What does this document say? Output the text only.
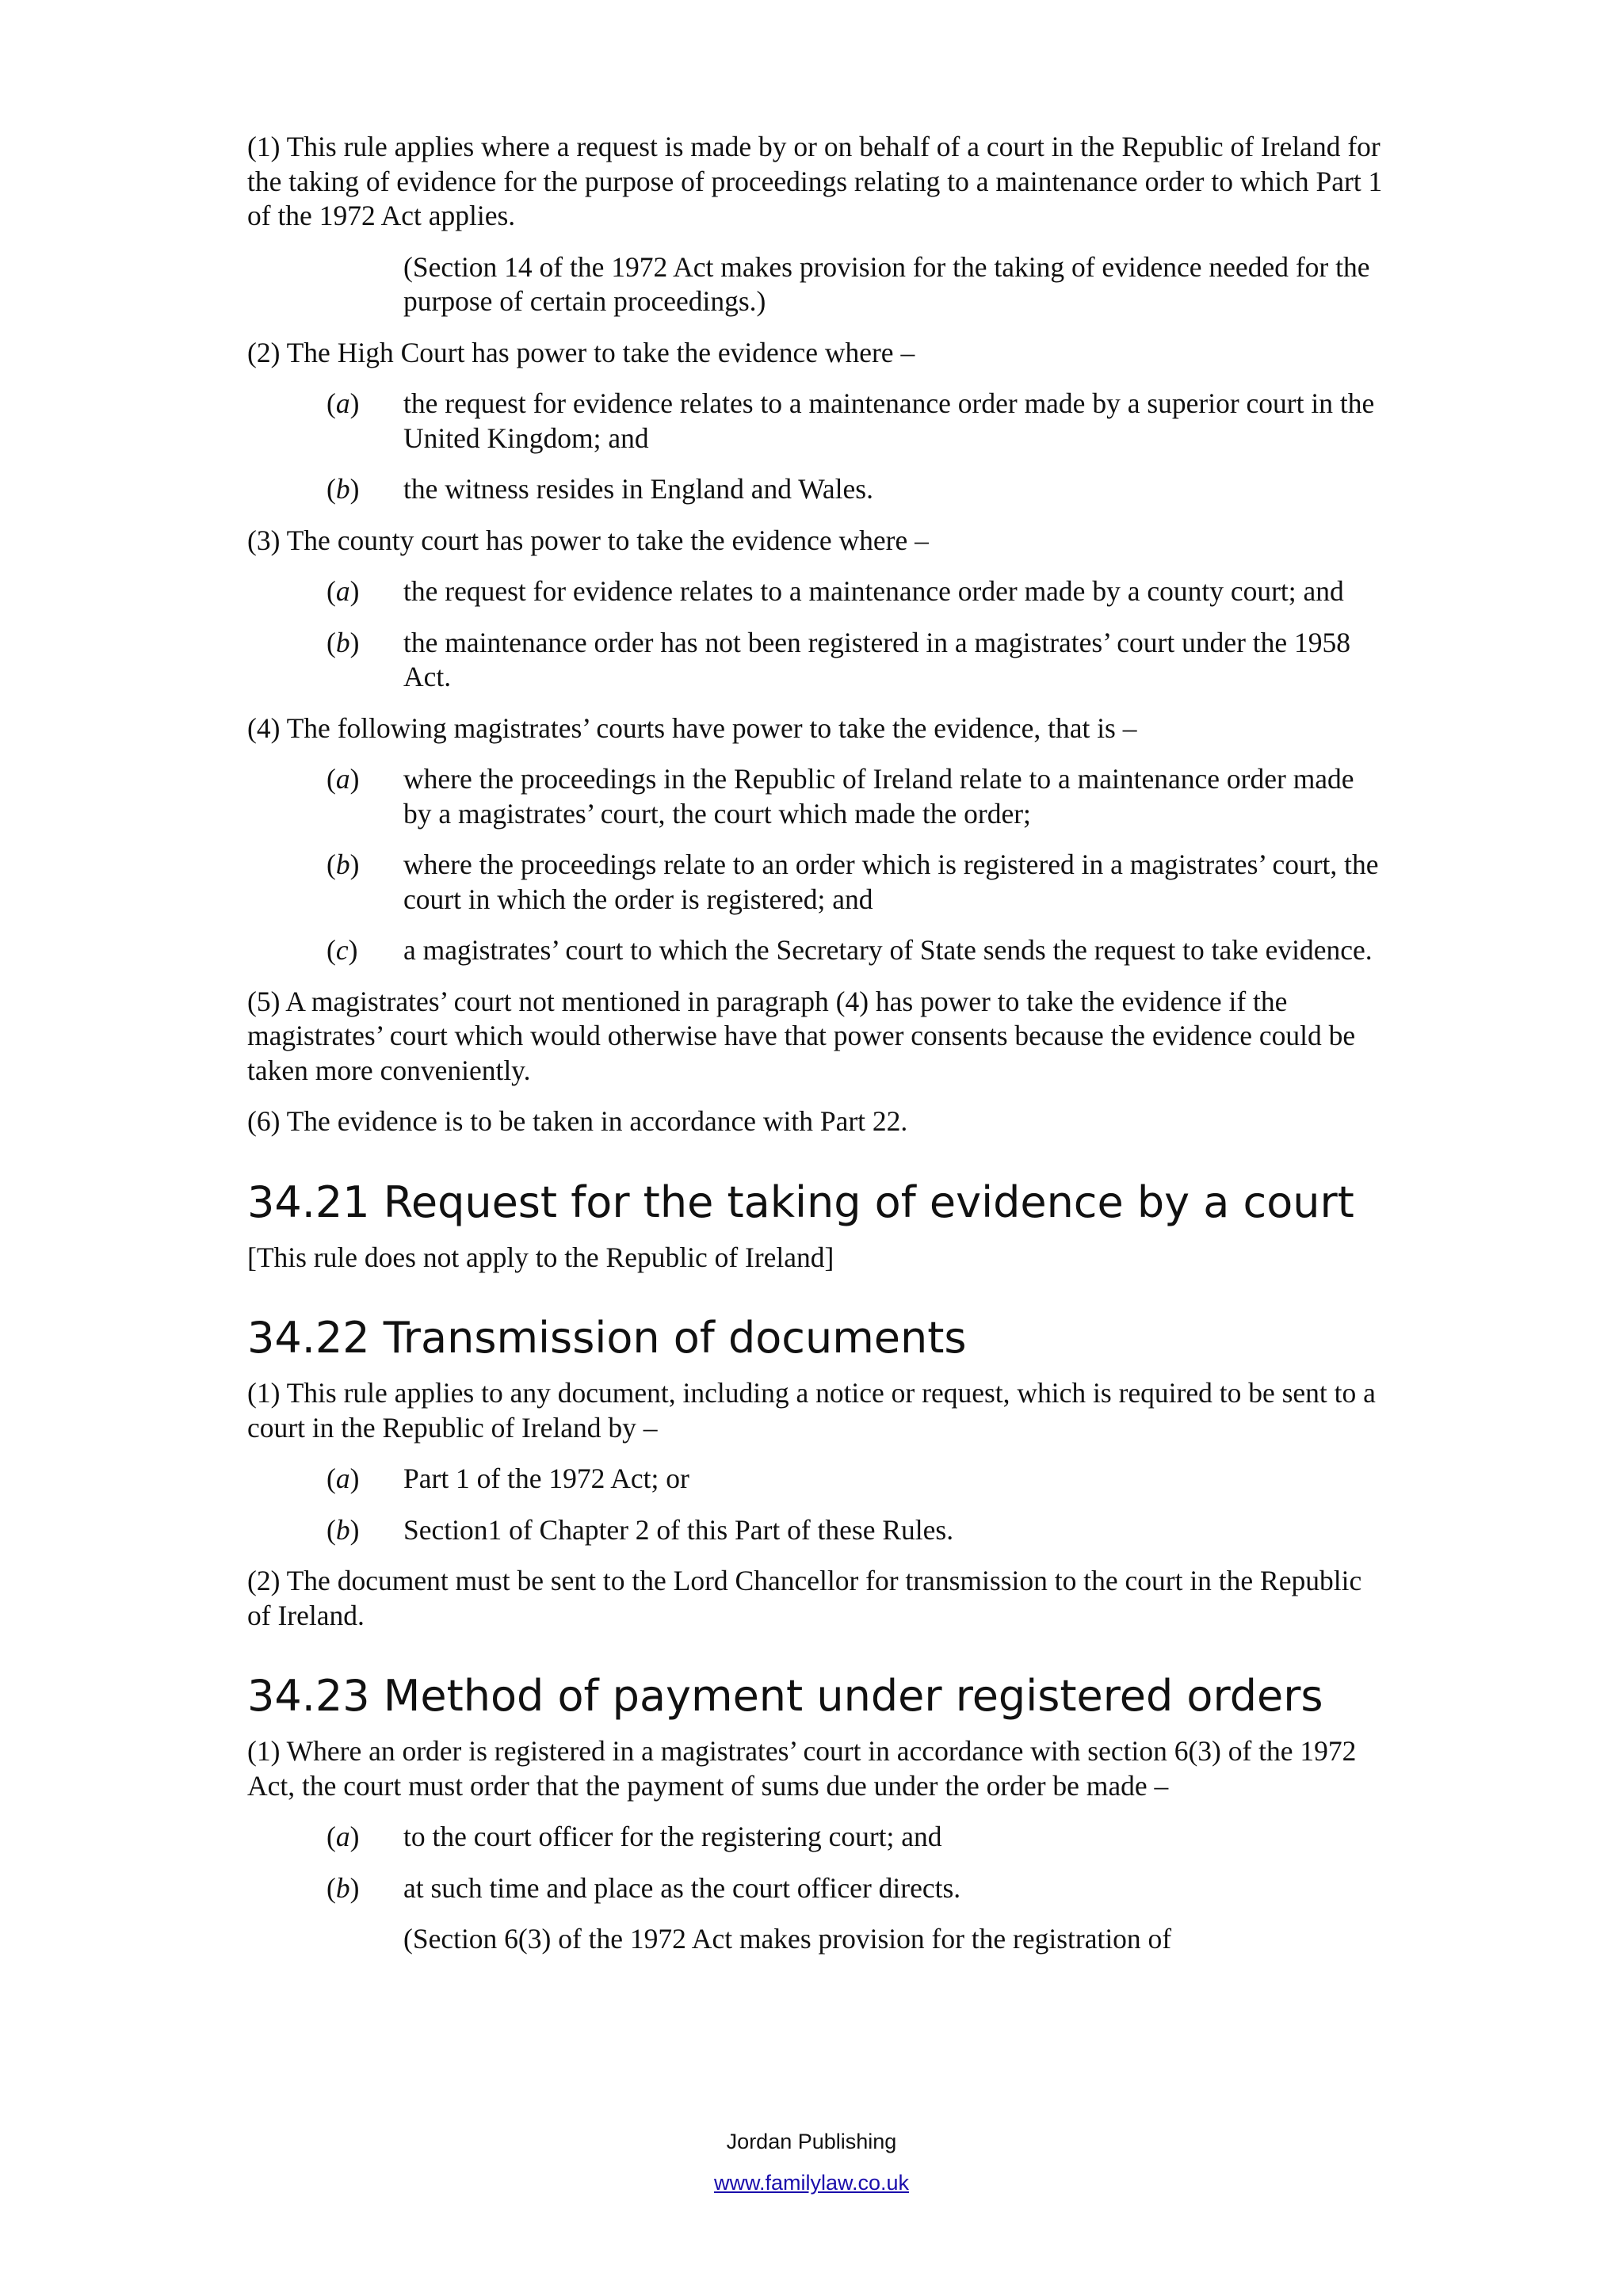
(1) This rule applies where a request is made by or on behalf of a court in the Republic of Ireland for the taking of evidence for the purpose of proceedings relating to a maintenance order to which Part 1 of the 1972 Act applies.

(Section 14 of the 1972 Act makes provision for the taking of evidence needed for the purpose of certain proceedings.)

(2) The High Court has power to take the evidence where –

(a)	the request for evidence relates to a maintenance order made by a superior court in the United Kingdom; and
(b)	the witness resides in England and Wales.

(3) The county court has power to take the evidence where –

(a)	the request for evidence relates to a maintenance order made by a county court; and
(b)	the maintenance order has not been registered in a magistrates’ court under the 1958 Act.

(4) The following magistrates’ courts have power to take the evidence, that is –

(a)	where the proceedings in the Republic of Ireland relate to a maintenance order made by a magistrates’ court, the court which made the order;
(b)	where the proceedings relate to an order which is registered in a magistrates’ court, the court in which the order is registered; and
(c)	a magistrates’ court to which the Secretary of State sends the request to take evidence.

(5) A magistrates’ court not mentioned in paragraph (4) has power to take the evidence if the magistrates’ court which would otherwise have that power consents because the evidence could be taken more conveniently.

(6) The evidence is to be taken in accordance with Part 22.

34.21 Request for the taking of evidence by a court

[This rule does not apply to the Republic of Ireland]

34.22 Transmission of documents

(1) This rule applies to any document, including a notice or request, which is required to be sent to a court in the Republic of Ireland by –

(a)	Part 1 of the 1972 Act; or
(b)	Section1 of Chapter 2 of this Part of these Rules.

(2) The document must be sent to the Lord Chancellor for transmission to the court in the Republic of Ireland.

34.23 Method of payment under registered orders

(1) Where an order is registered in a magistrates’ court in accordance with section 6(3) of the 1972 Act, the court must order that the payment of sums due under the order be made –

(a)	to the court officer for the registering court; and
(b)	at such time and place as the court officer directs.

(Section 6(3) of the 1972 Act makes provision for the registration of

Jordan Publishing
www.familylaw.co.uk
